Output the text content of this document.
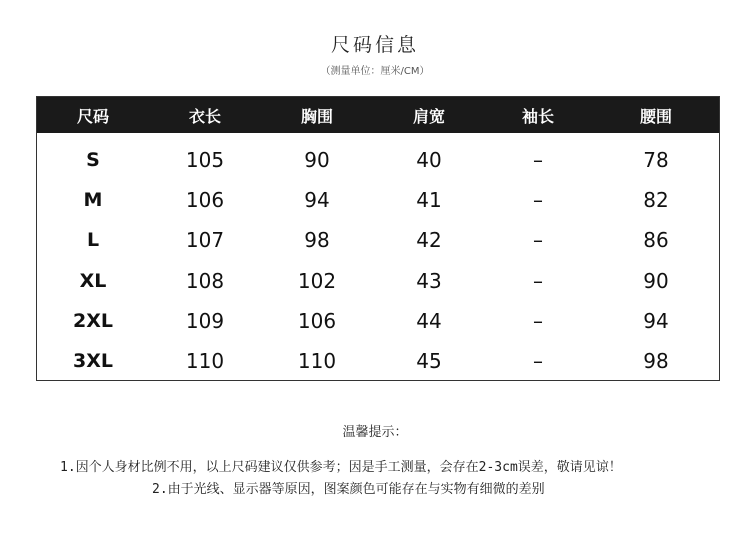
尺码信息
（测量单位：厘米/CM）
尺码	衣长	胸围	肩宽	袖长	腰围
S	105	90	40	–	78
M	106	94	41	–	82
L	107	98	42	–	86
XL	108	102	43	–	90
2XL	109	106	44	–	94
3XL	110	110	45	–	98
温馨提示：
1.因个人身材比例不用，以上尺码建议仅供参考；因是手工测量，会存在2-3cm误差，敬请见谅！
2.由于光线、显示器等原因，图案颜色可能存在与实物有细微的差别
